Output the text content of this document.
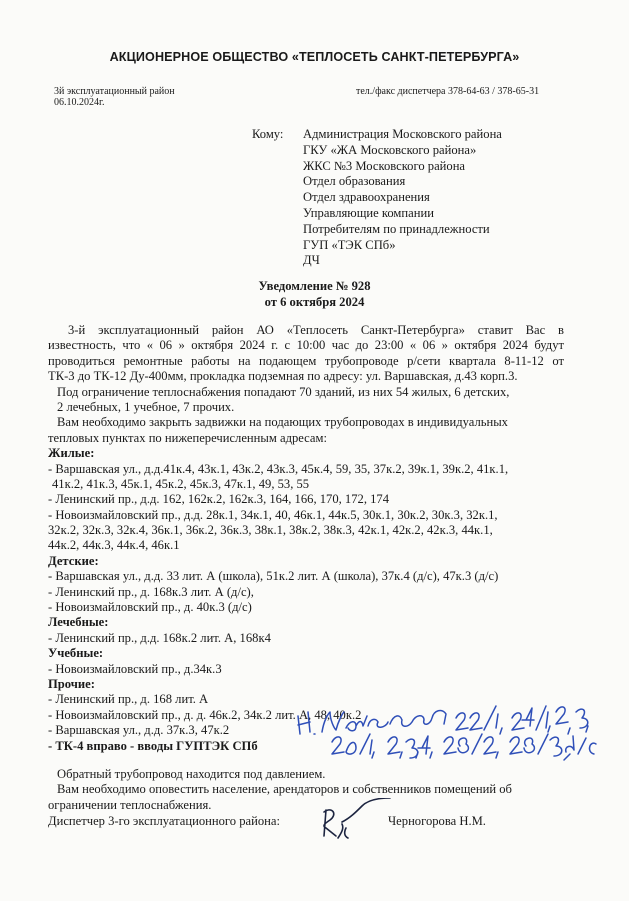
АКЦИОНЕРНОЕ ОБЩЕСТВО «ТЕПЛОСЕТЬ САНКТ-ПЕТЕРБУРГА»
3й эксплуатационный район
06.10.2024г.
тел./факс диспетчера 378-64-63 / 378-65-31
Кому: Администрация Московского района
ГКУ «ЖА Московского района»
ЖКС №3 Московского района
Отдел образования
Отдел здравоохранения
Управляющие компании
Потребителям по принадлежности
ГУП «ТЭК СПб»
ДЧ
Уведомление № 928
от 6 октября 2024
3-й эксплуатационный район АО «Теплосеть Санкт-Петербурга» ставит Вас в
известность, что « 06 » октября 2024 г. с 10:00 час до 23:00 « 06 » октября 2024 будут
проводиться ремонтные работы на подающем трубопроводе р/сети квартала 8-11-12 от
ТК-3 до ТК-12 Ду-400мм, прокладка подземная по адресу: ул. Варшавская, д.43 корп.3.
Под ограничение теплоснабжения попадают 70 зданий, из них 54 жилых, 6 детских,
2 лечебных, 1 учебное, 7 прочих.
Вам необходимо закрыть задвижки на подающих трубопроводах в индивидуальных
тепловых пунктах по нижеперечисленным адресам:
Жилые:
- Варшавская ул., д.д.41к.4, 43к.1, 43к.2, 43к.3, 45к.4, 59, 35, 37к.2, 39к.1, 39к.2, 41к.1,
41к.2, 41к.3, 45к.1, 45к.2, 45к.3, 47к.1, 49, 53, 55
- Ленинский пр., д.д. 162, 162к.2, 162к.3, 164, 166, 170, 172, 174
- Новоизмайловский пр., д.д. 28к.1, 34к.1, 40, 46к.1, 44к.5, 30к.1, 30к.2, 30к.3, 32к.1,
32к.2, 32к.3, 32к.4, 36к.1, 36к.2, 36к.3, 38к.1, 38к.2, 38к.3, 42к.1, 42к.2, 42к.3, 44к.1,
44к.2, 44к.3, 44к.4, 46к.1
Детские:
- Варшавская ул., д.д. 33 лит. А (школа), 51к.2 лит. А (школа), 37к.4 (д/с), 47к.3 (д/с)
- Ленинский пр., д. 168к.3 лит. А (д/с),
- Новоизмайловский пр., д. 40к.3 (д/с)
Лечебные:
- Ленинский пр., д.д. 168к.2 лит. А, 168к4
Учебные:
- Новоизмайловский пр., д.34к.3
Прочие:
- Ленинский пр., д. 168 лит. А
- Новоизмайловский пр., д. д. 46к.2, 34к.2 лит. А, 48, 40к.2
- Варшавская ул., д.д. 37к.3, 47к.2
- ТК-4 вправо - вводы ГУПТЭК СПб
Обратный трубопровод находится под давлением.
Вам необходимо оповестить население, арендаторов и собственников помещений об
ограничении теплоснабжения.
Диспетчер 3-го эксплуатационного района:	Черногорова Н.М.
